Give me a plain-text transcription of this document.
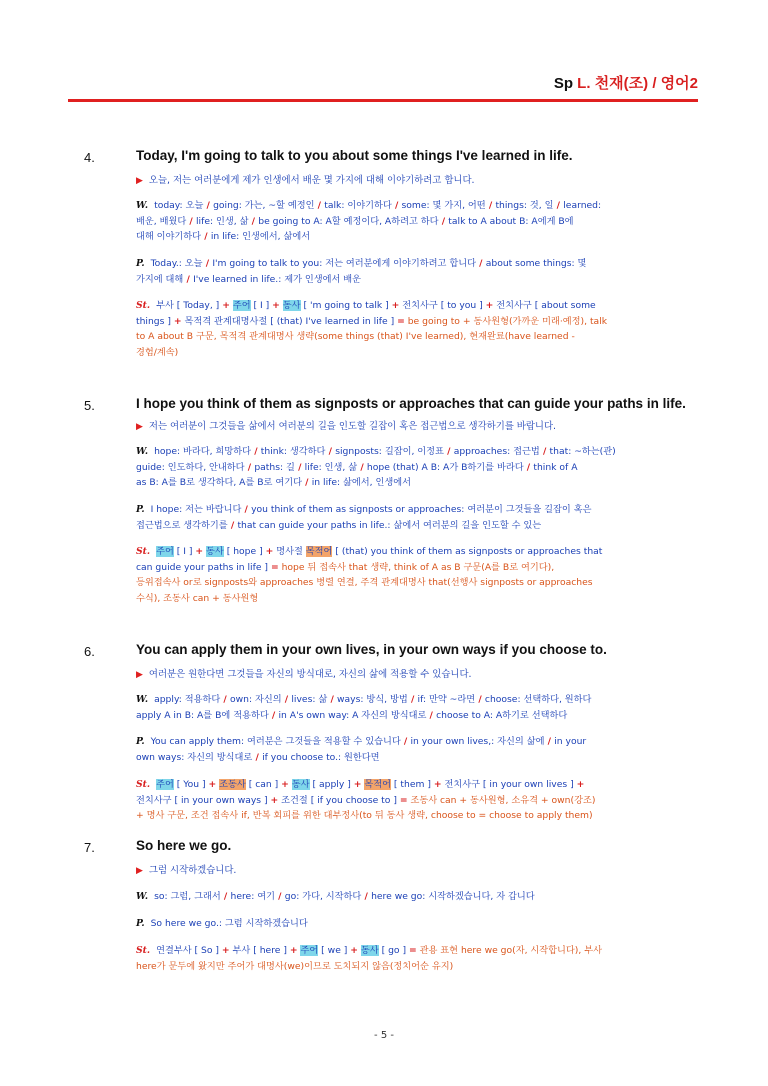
Sp L. 천재(조) / 영어2
4.	Today, I'm going to talk to you about some things I've learned in life.
▶ 오늘, 저는 여러분에게 제가 인생에서 배운 몇 가지에 대해 이야기하려고 합니다.
W. today: 오늘 / going: 가는, ~할 예정인 / talk: 이야기하다 / some: 몇 가지, 어떤 / things: 것, 일 / learned:
배운, 배웠다 / life: 인생, 삶 / be going to A: A할 예정이다, A하려고 하다 / talk to A about B: A에게 B에
대해 이야기하다 / in life: 인생에서, 삶에서
P. Today.: 오늘 / I'm going to talk to you: 저는 여러분에게 이야기하려고 합니다 / about some things: 몇
가지에 대해 / I've learned in life.: 제가 인생에서 배운
St. 부사 [ Today, ] + 주어 [ I ] + 동사 [ 'm going to talk ] + 전치사구 [ to you ] + 전치사구 [ about some
things ] + 목적격 관계대명사절 [ (that) I've learned in life ] = be going to + 동사원형(가까운 미래·예정), talk
to A about B 구문, 목적격 관계대명사 생략(some things (that) I've learned), 현재완료(have learned -
경험/계속)
5.	I hope you think of them as signposts or approaches that can guide your paths in life.
▶ 저는 여러분이 그것들을 삶에서 여러분의 길을 인도할 길잡이 혹은 접근법으로 생각하기를 바랍니다.
W. hope: 바라다, 희망하다 / think: 생각하다 / signposts: 길잡이, 이정표 / approaches: 접근법 / that: ~하는(관)
guide: 인도하다, 안내하다 / paths: 길 / life: 인생, 삶 / hope (that) A B: A가 B하기를 바라다 / think of A
as B: A를 B로 생각하다, A를 B로 여기다 / in life: 삶에서, 인생에서
P. I hope: 저는 바랍니다 / you think of them as signposts or approaches: 여러분이 그것들을 길잡이 혹은
접근법으로 생각하기를 / that can guide your paths in life.: 삶에서 여러분의 길을 인도할 수 있는
St. 주어 [ I ] + 동사 [ hope ] + 명사절 목적어 [ (that) you think of them as signposts or approaches that
can guide your paths in life ] = hope 뒤 접속사 that 생략, think of A as B 구문(A를 B로 여기다),
등위접속사 or로 signposts와 approaches 병렬 연결, 주격 관계대명사 that(선행사 signposts or approaches
수식), 조동사 can + 동사원형
6.	You can apply them in your own lives, in your own ways if you choose to.
▶ 여러분은 원한다면 그것들을 자신의 방식대로, 자신의 삶에 적용할 수 있습니다.
W. apply: 적용하다 / own: 자신의 / lives: 삶 / ways: 방식, 방법 / if: 만약 ~라면 / choose: 선택하다, 원하다
apply A in B: A를 B에 적용하다 / in A's own way: A 자신의 방식대로 / choose to A: A하기로 선택하다
P. You can apply them: 여러분은 그것들을 적용할 수 있습니다 / in your own lives,: 자신의 삶에 / in your
own ways: 자신의 방식대로 / if you choose to.: 원한다면
St. 주어 [ You ] + 조동사 [ can ] + 동사 [ apply ] + 목적어 [ them ] + 전치사구 [ in your own lives ] +
전치사구 [ in your own ways ] + 조건절 [ if you choose to ] = 조동사 can + 동사원형, 소유격 + own(강조)
+ 명사 구문, 조건 접속사 if, 반복 회피를 위한 대부정사(to 뒤 동사 생략, choose to = choose to apply them)
7.	So here we go.
▶ 그럼 시작하겠습니다.
W. so: 그럼, 그래서 / here: 여기 / go: 가다, 시작하다 / here we go: 시작하겠습니다, 자 갑니다
P. So here we go.: 그럼 시작하겠습니다
St. 연결부사 [ So ] + 부사 [ here ] + 주어 [ we ] + 동사 [ go ] = 관용 표현 here we go(자, 시작합니다), 부사
here가 문두에 왔지만 주어가 대명사(we)이므로 도치되지 않음(정치어순 유지)
- 5 -
